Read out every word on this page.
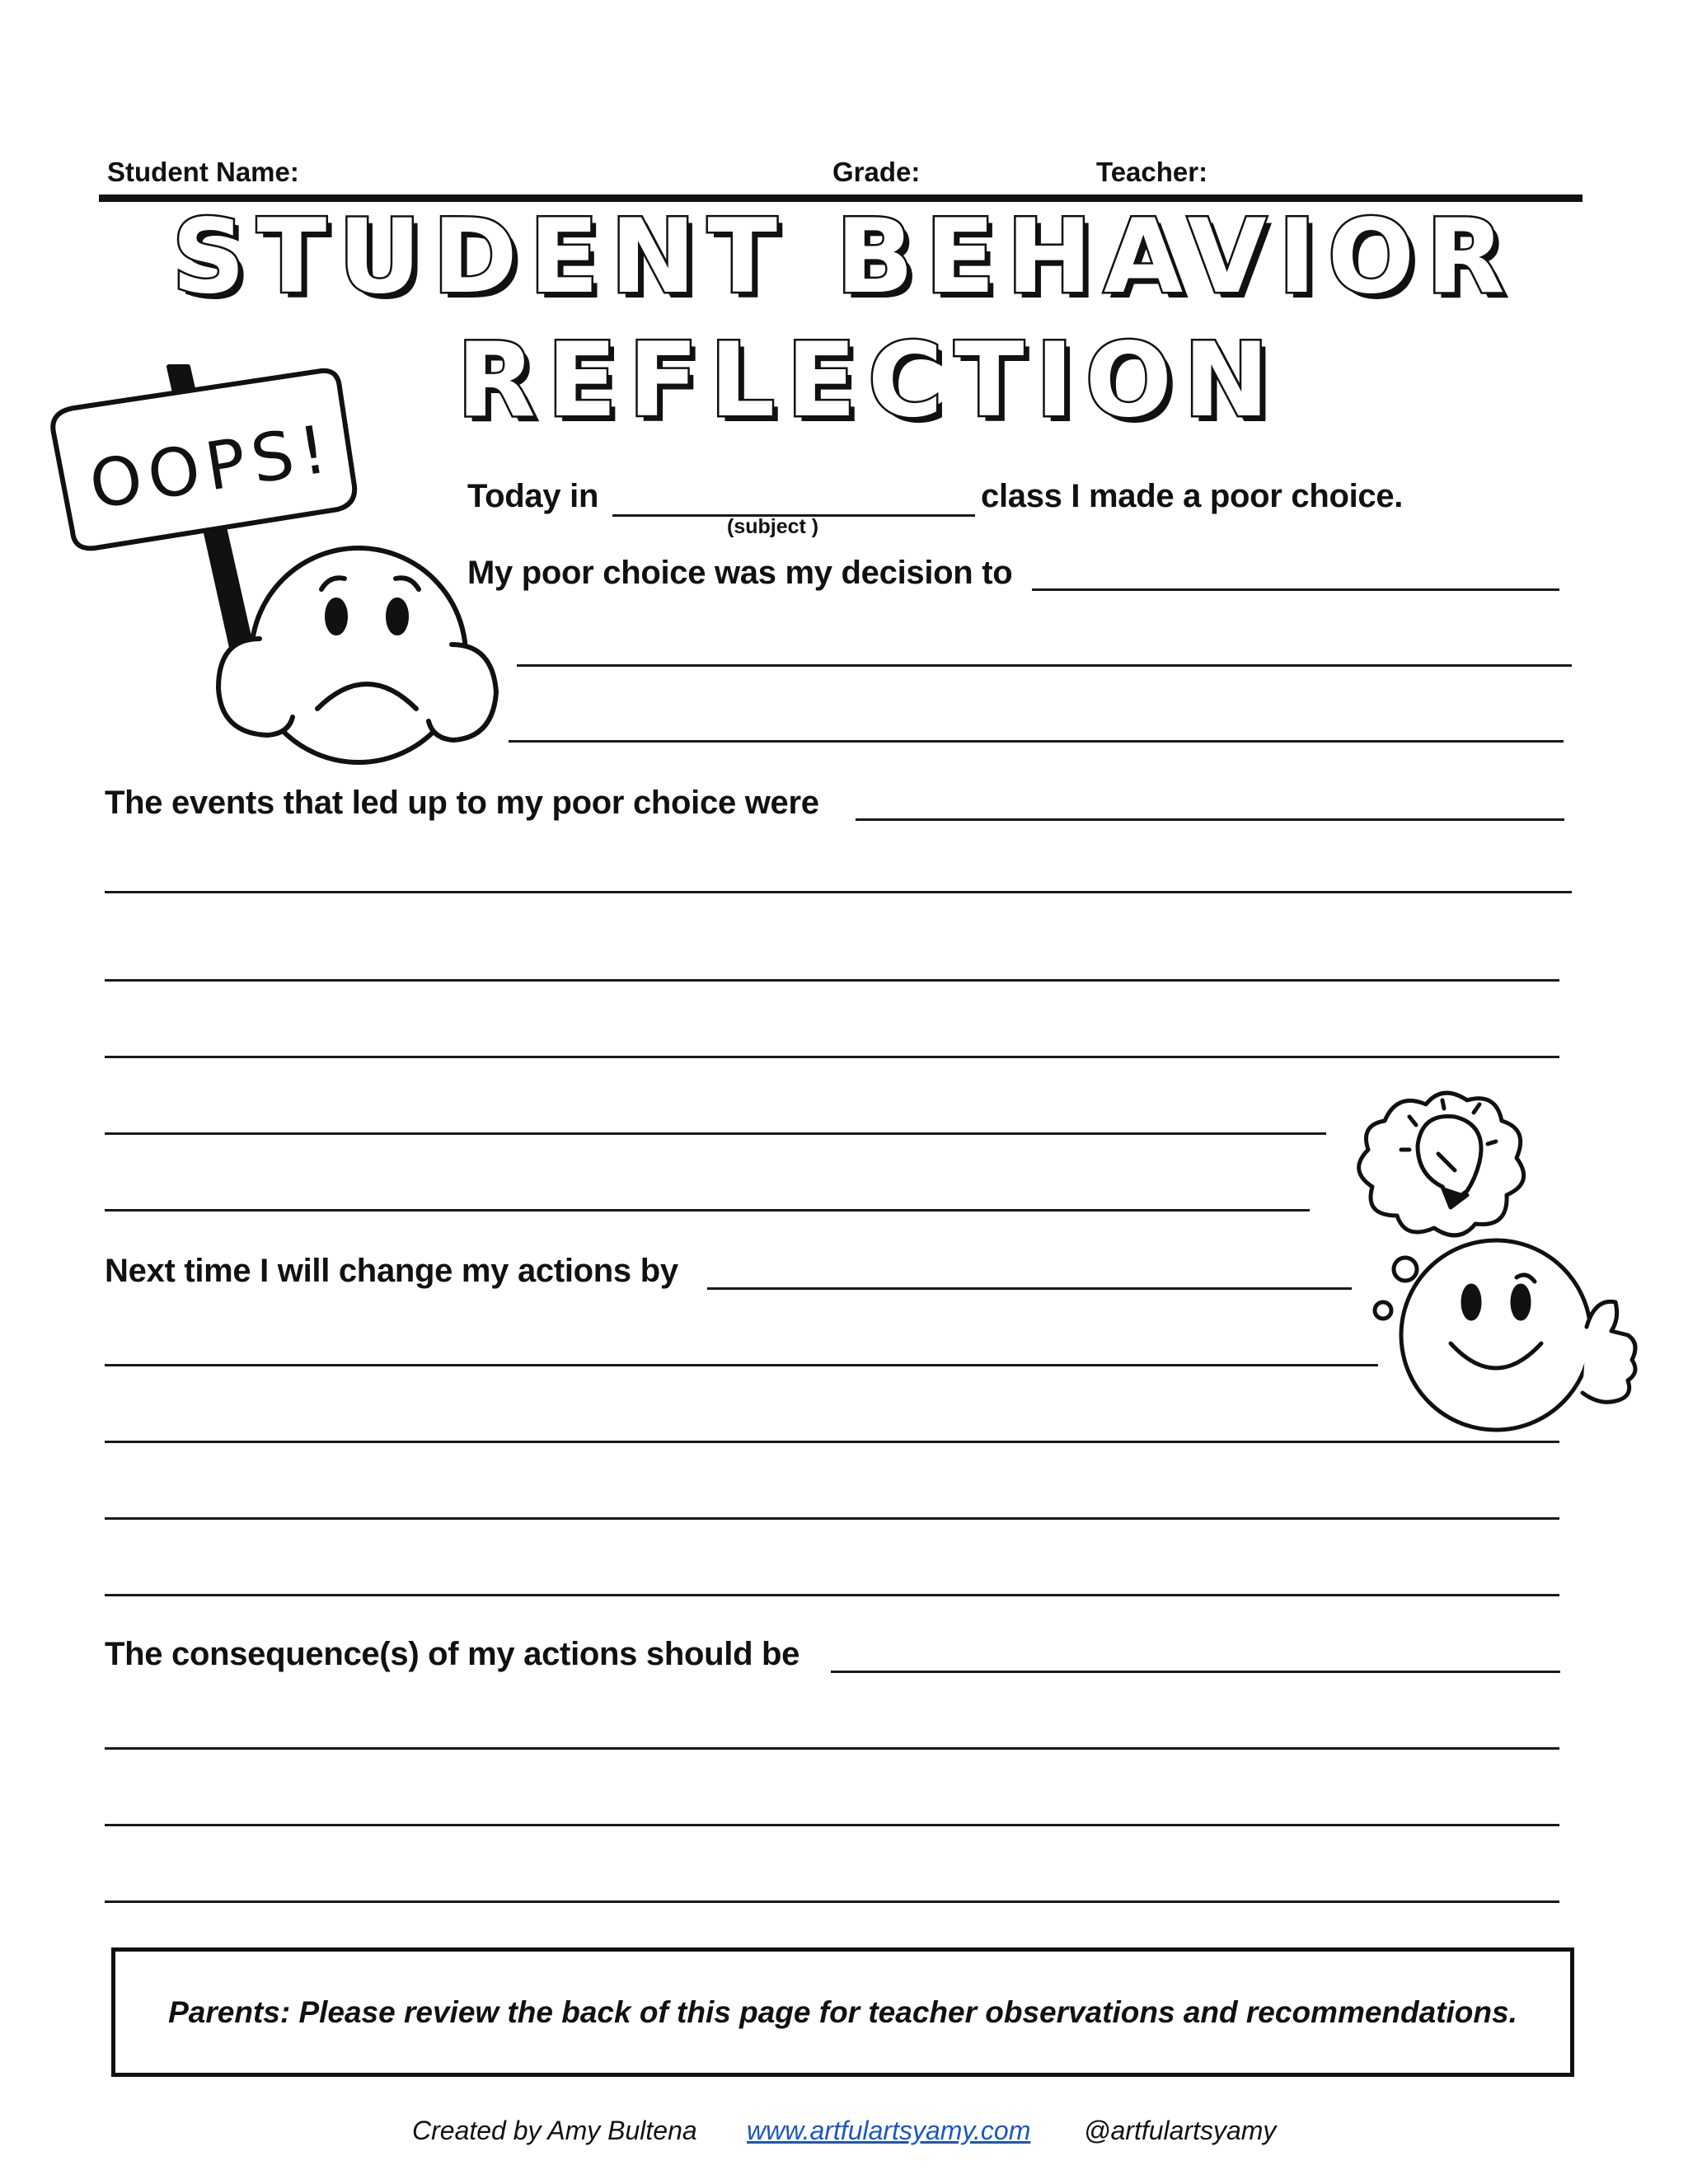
Student Name:	Grade:	Teacher:
STUDENT BEHAVIOR
REFLECTION
OOPS!	Today in	class I made a poor choice.
(subject )
My poor choice was my decision to
The events that led up to my poor choice were
Next time I will change my actions by
The consequence(s) of my actions should be
Parents: Please review the back of this page for teacher observations and recommendations.
Created by Amy Bultena www.artfulartsyamy.com @artfulartsyamy
